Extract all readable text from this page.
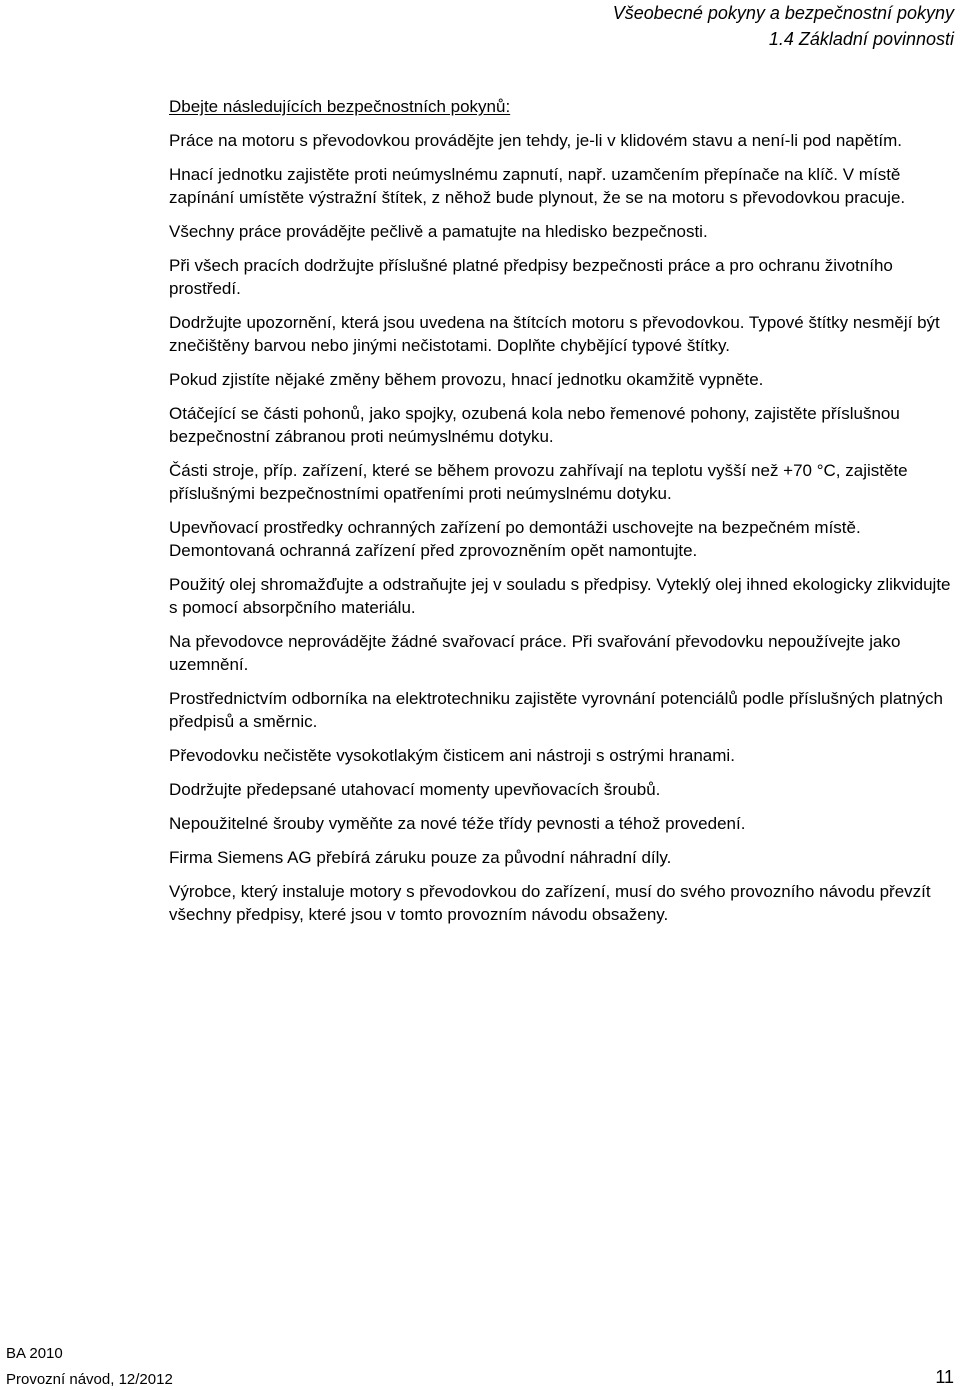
Všeobecné pokyny a bezpečnostní pokyny
1.4 Základní povinnosti
Dbejte následujících bezpečnostních pokynů:

Práce na motoru s převodovkou provádějte jen tehdy, je-li v klidovém stavu a není-li pod napětím.

Hnací jednotku zajistěte proti neúmyslnému zapnutí, např. uzamčením přepínače na klíč. V místě zapínání umístěte výstražní štítek, z něhož bude plynout, že se na motoru s převodovkou pracuje.

Všechny práce provádějte pečlivě a pamatujte na hledisko bezpečnosti.

Při všech pracích dodržujte příslušné platné předpisy bezpečnosti práce a pro ochranu životního prostředí.

Dodržujte upozornění, která jsou uvedena na štítcích motoru s převodovkou. Typové štítky nesmějí být znečištěny barvou nebo jinými nečistotami. Doplňte chybějící typové štítky.

Pokud zjistíte nějaké změny během provozu, hnací jednotku okamžitě vypněte.

Otáčející se části pohonů, jako spojky, ozubená kola nebo řemenové pohony, zajistěte příslušnou bezpečnostní zábranou proti neúmyslnému dotyku.

Části stroje, příp. zařízení, které se během provozu zahřívají na teplotu vyšší než +70 °C, zajistěte příslušnými bezpečnostními opatřeními proti neúmyslnému dotyku.

Upevňovací prostředky ochranných zařízení po demontáži uschovejte na bezpečném místě. Demontovaná ochranná zařízení před zprovozněním opět namontujte.

Použitý olej shromažďujte a odstraňujte jej v souladu s předpisy. Vyteklý olej ihned ekologicky zlikvidujte s pomocí absorpčního materiálu.

Na převodovce neprovádějte žádné svařovací práce. Při svařování převodovku nepoužívejte jako uzemnění.

Prostřednictvím odborníka na elektrotechniku zajistěte vyrovnání potenciálů podle příslušných platných předpisů a směrnic.

Převodovku nečistěte vysokotlakým čisticem ani nástroji s ostrými hranami.

Dodržujte předepsané utahovací momenty upevňovacích šroubů.

Nepoužitelné šrouby vyměňte za nové téže třídy pevnosti a téhož provedení.

Firma Siemens AG přebírá záruku pouze za původní náhradní díly.

Výrobce, který instaluje motory s převodovkou do zařízení, musí do svého provozního návodu převzít všechny předpisy, které jsou v tomto provozním návodu obsaženy.

BA 2010
Provozní návod, 12/2012	11
